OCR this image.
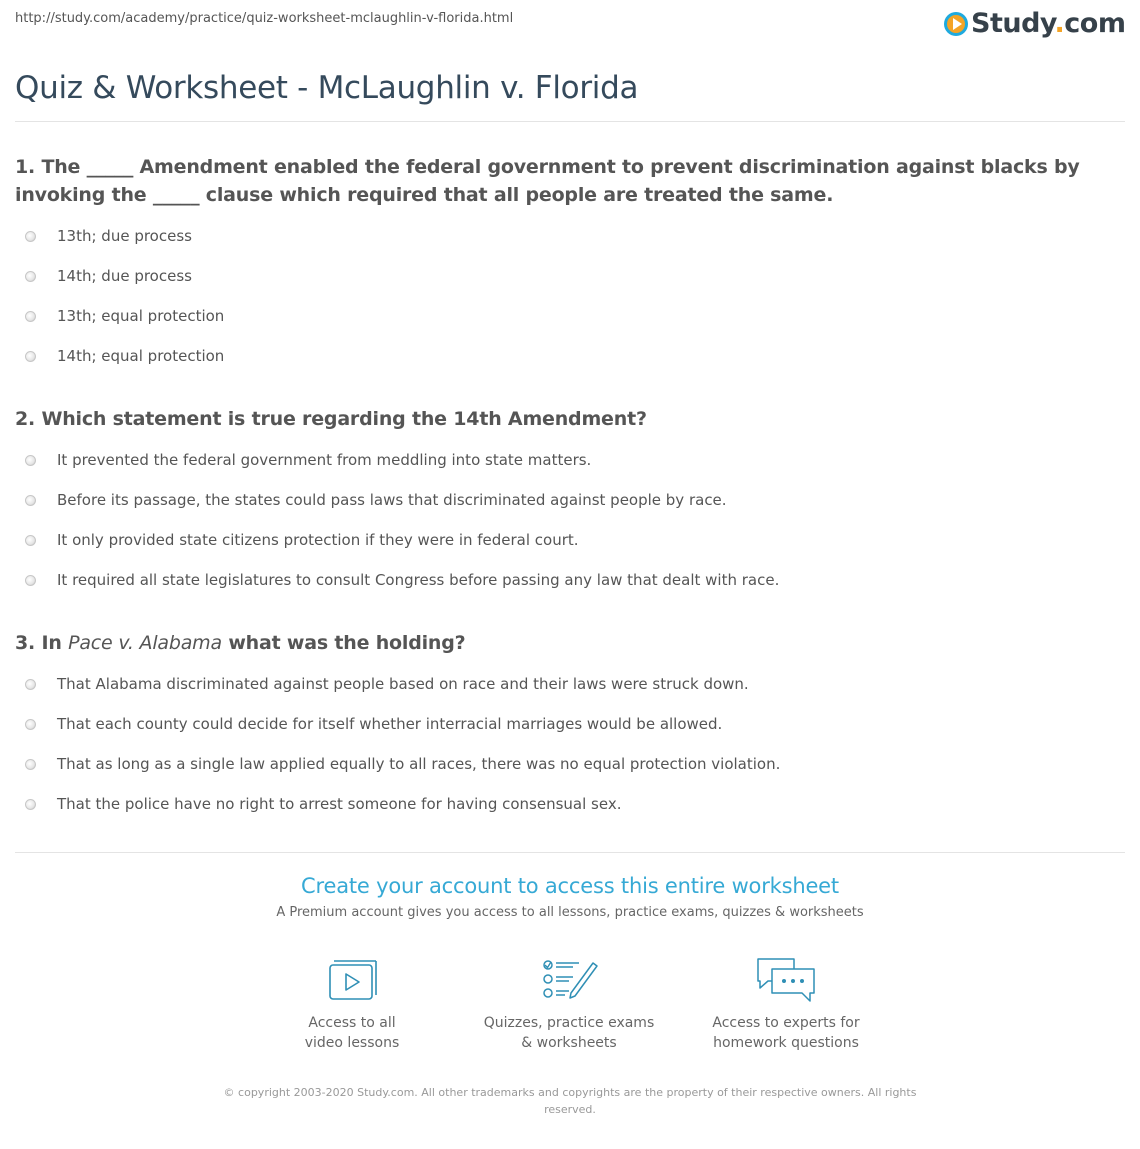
http://study.com/academy/practice/quiz-worksheet-mclaughlin-v-florida.html	Study.com
Quiz & Worksheet - McLaughlin v. Florida
1. The _____ Amendment enabled the federal government to prevent discrimination against blacks by invoking the _____ clause which required that all people are treated the same.
13th; due process
14th; due process
13th; equal protection
14th; equal protection
2. Which statement is true regarding the 14th Amendment?
It prevented the federal government from meddling into state matters.
Before its passage, the states could pass laws that discriminated against people by race.
It only provided state citizens protection if they were in federal court.
It required all state legislatures to consult Congress before passing any law that dealt with race.
3. In Pace v. Alabama what was the holding?
That Alabama discriminated against people based on race and their laws were struck down.
That each county could decide for itself whether interracial marriages would be allowed.
That as long as a single law applied equally to all races, there was no equal protection violation.
That the police have no right to arrest someone for having consensual sex.
Create your account to access this entire worksheet
A Premium account gives you access to all lessons, practice exams, quizzes & worksheets
Access to all
video lessons
Quizzes, practice exams
& worksheets
Access to experts for
homework questions
© copyright 2003-2020 Study.com. All other trademarks and copyrights are the property of their respective owners. All rights reserved.
